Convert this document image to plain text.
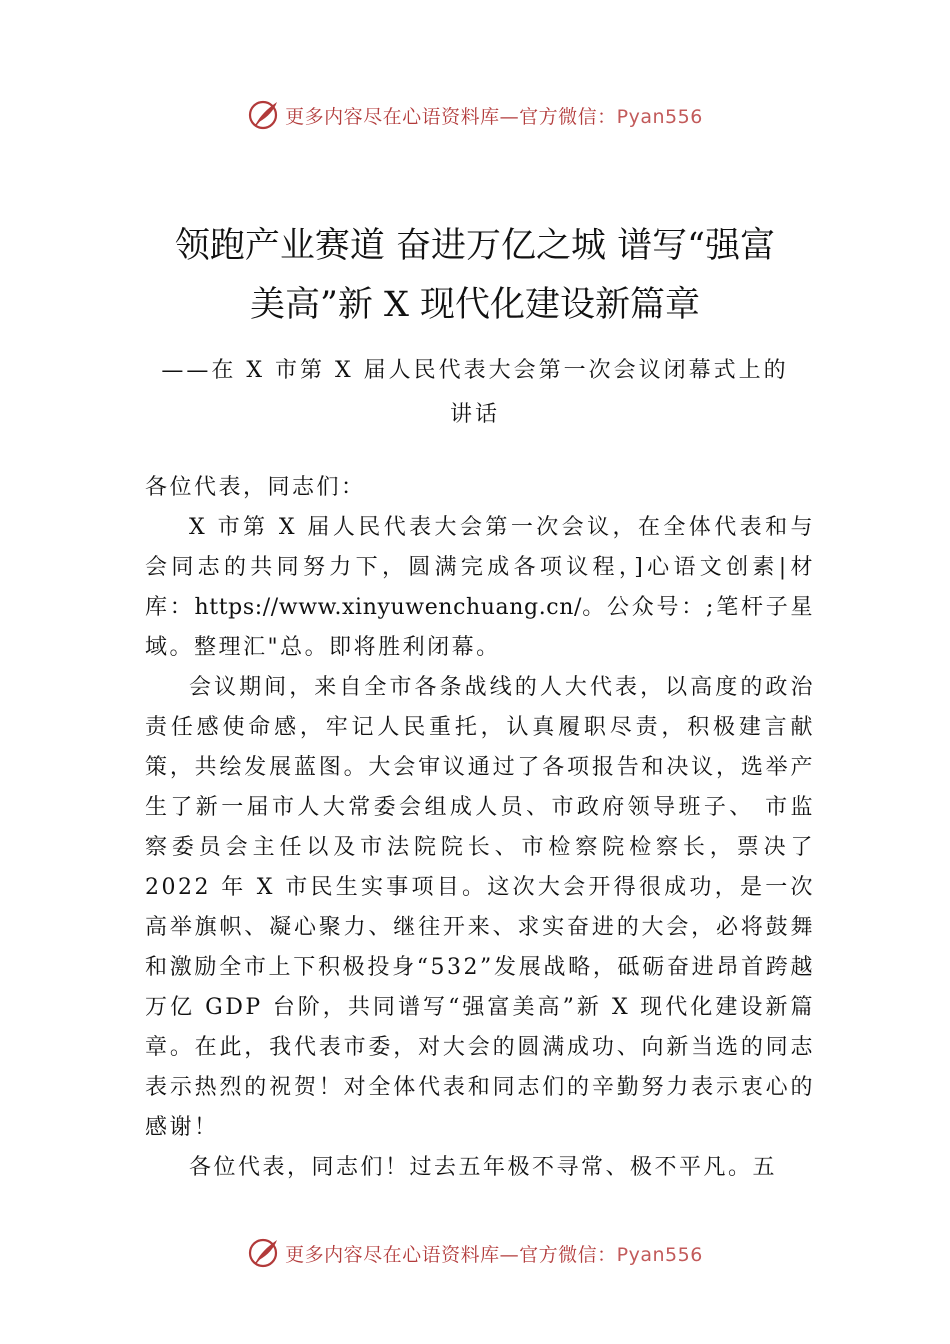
更多内容尽在心语资料库—官方微信：Pyan556
领跑产业赛道 奋进万亿之城 谱写“强富
美高”新 X 现代化建设新篇章
——在 X 市第 X 届人民代表大会第一次会议闭幕式上的
讲话

各位代表，同志们：

X 市第 X 届人民代表大会第一次会议，在全体代表和与会同志的共同努力下，圆满完成各项议程，]心语文创素|材库：https://www.xinyuwenchuang.cn/。公众号：;笔杆子星域。整理汇"总。即将胜利闭幕。

会议期间，来自全市各条战线的人大代表，以高度的政治责任感使命感，牢记人民重托，认真履职尽责，积极建言献策，共绘发展蓝图。大会审议通过了各项报告和决议，选举产生了新一届市人大常委会组成人员、市政府领导班子、 市监察委员会主任以及市法院院长、市检察院检察长，票决了 2022 年 X 市民生实事项目。这次大会开得很成功，是一次高举旗帜、凝心聚力、继往开来、求实奋进的大会，必将鼓舞和激励全市上下积极投身“532”发展战略，砥砺奋进昂首跨越万亿 GDP 台阶，共同谱写“强富美高”新 X 现代化建设新篇章。在此，我代表市委，对大会的圆满成功、向新当选的同志表示热烈的祝贺！对全体代表和同志们的辛勤努力表示衷心的感谢！

各位代表，同志们！过去五年极不寻常、极不平凡。五

更多内容尽在心语资料库—官方微信：Pyan556
